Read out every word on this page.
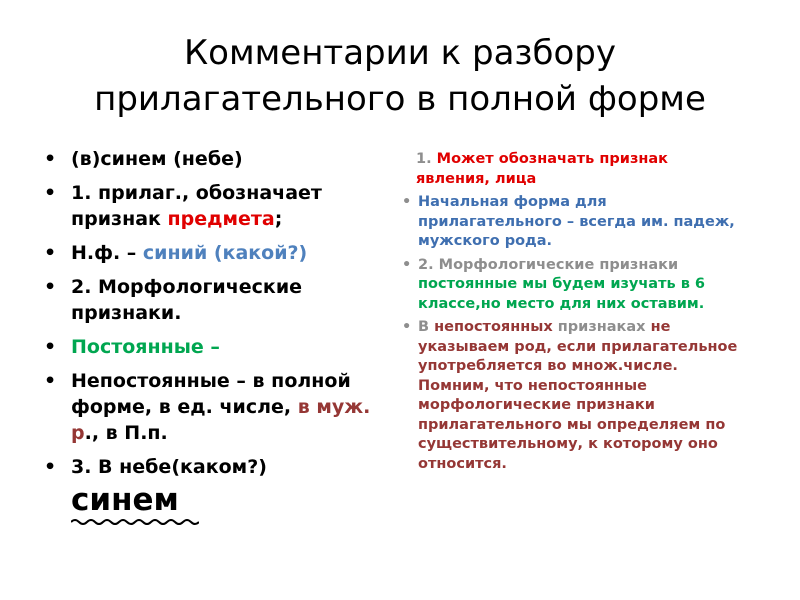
Комментарии к разбору
прилагательного в полной форме
• (в)синем (небе)
• 1. прилаг., обозначает признак предмета;
• Н.ф. – синий (какой?)
• 2. Морфологические признаки.
• Постоянные –
• Непостоянные – в полной форме, в ед. числе, в муж. р., в П.п.
• 3. В небе(каком?)
синем
1. Может обозначать признак явления, лица
• Начальная форма для прилагательного – всегда им. падеж, мужского рода.
• 2. Морфологические признаки постоянные мы будем изучать в 6 классе,но место для них оставим.
• В непостоянных признаках не указываем род, если прилагательное употребляется во множ.числе. Помним, что непостоянные морфологические признаки прилагательного мы определяем по существительному, к которому оно относится.
